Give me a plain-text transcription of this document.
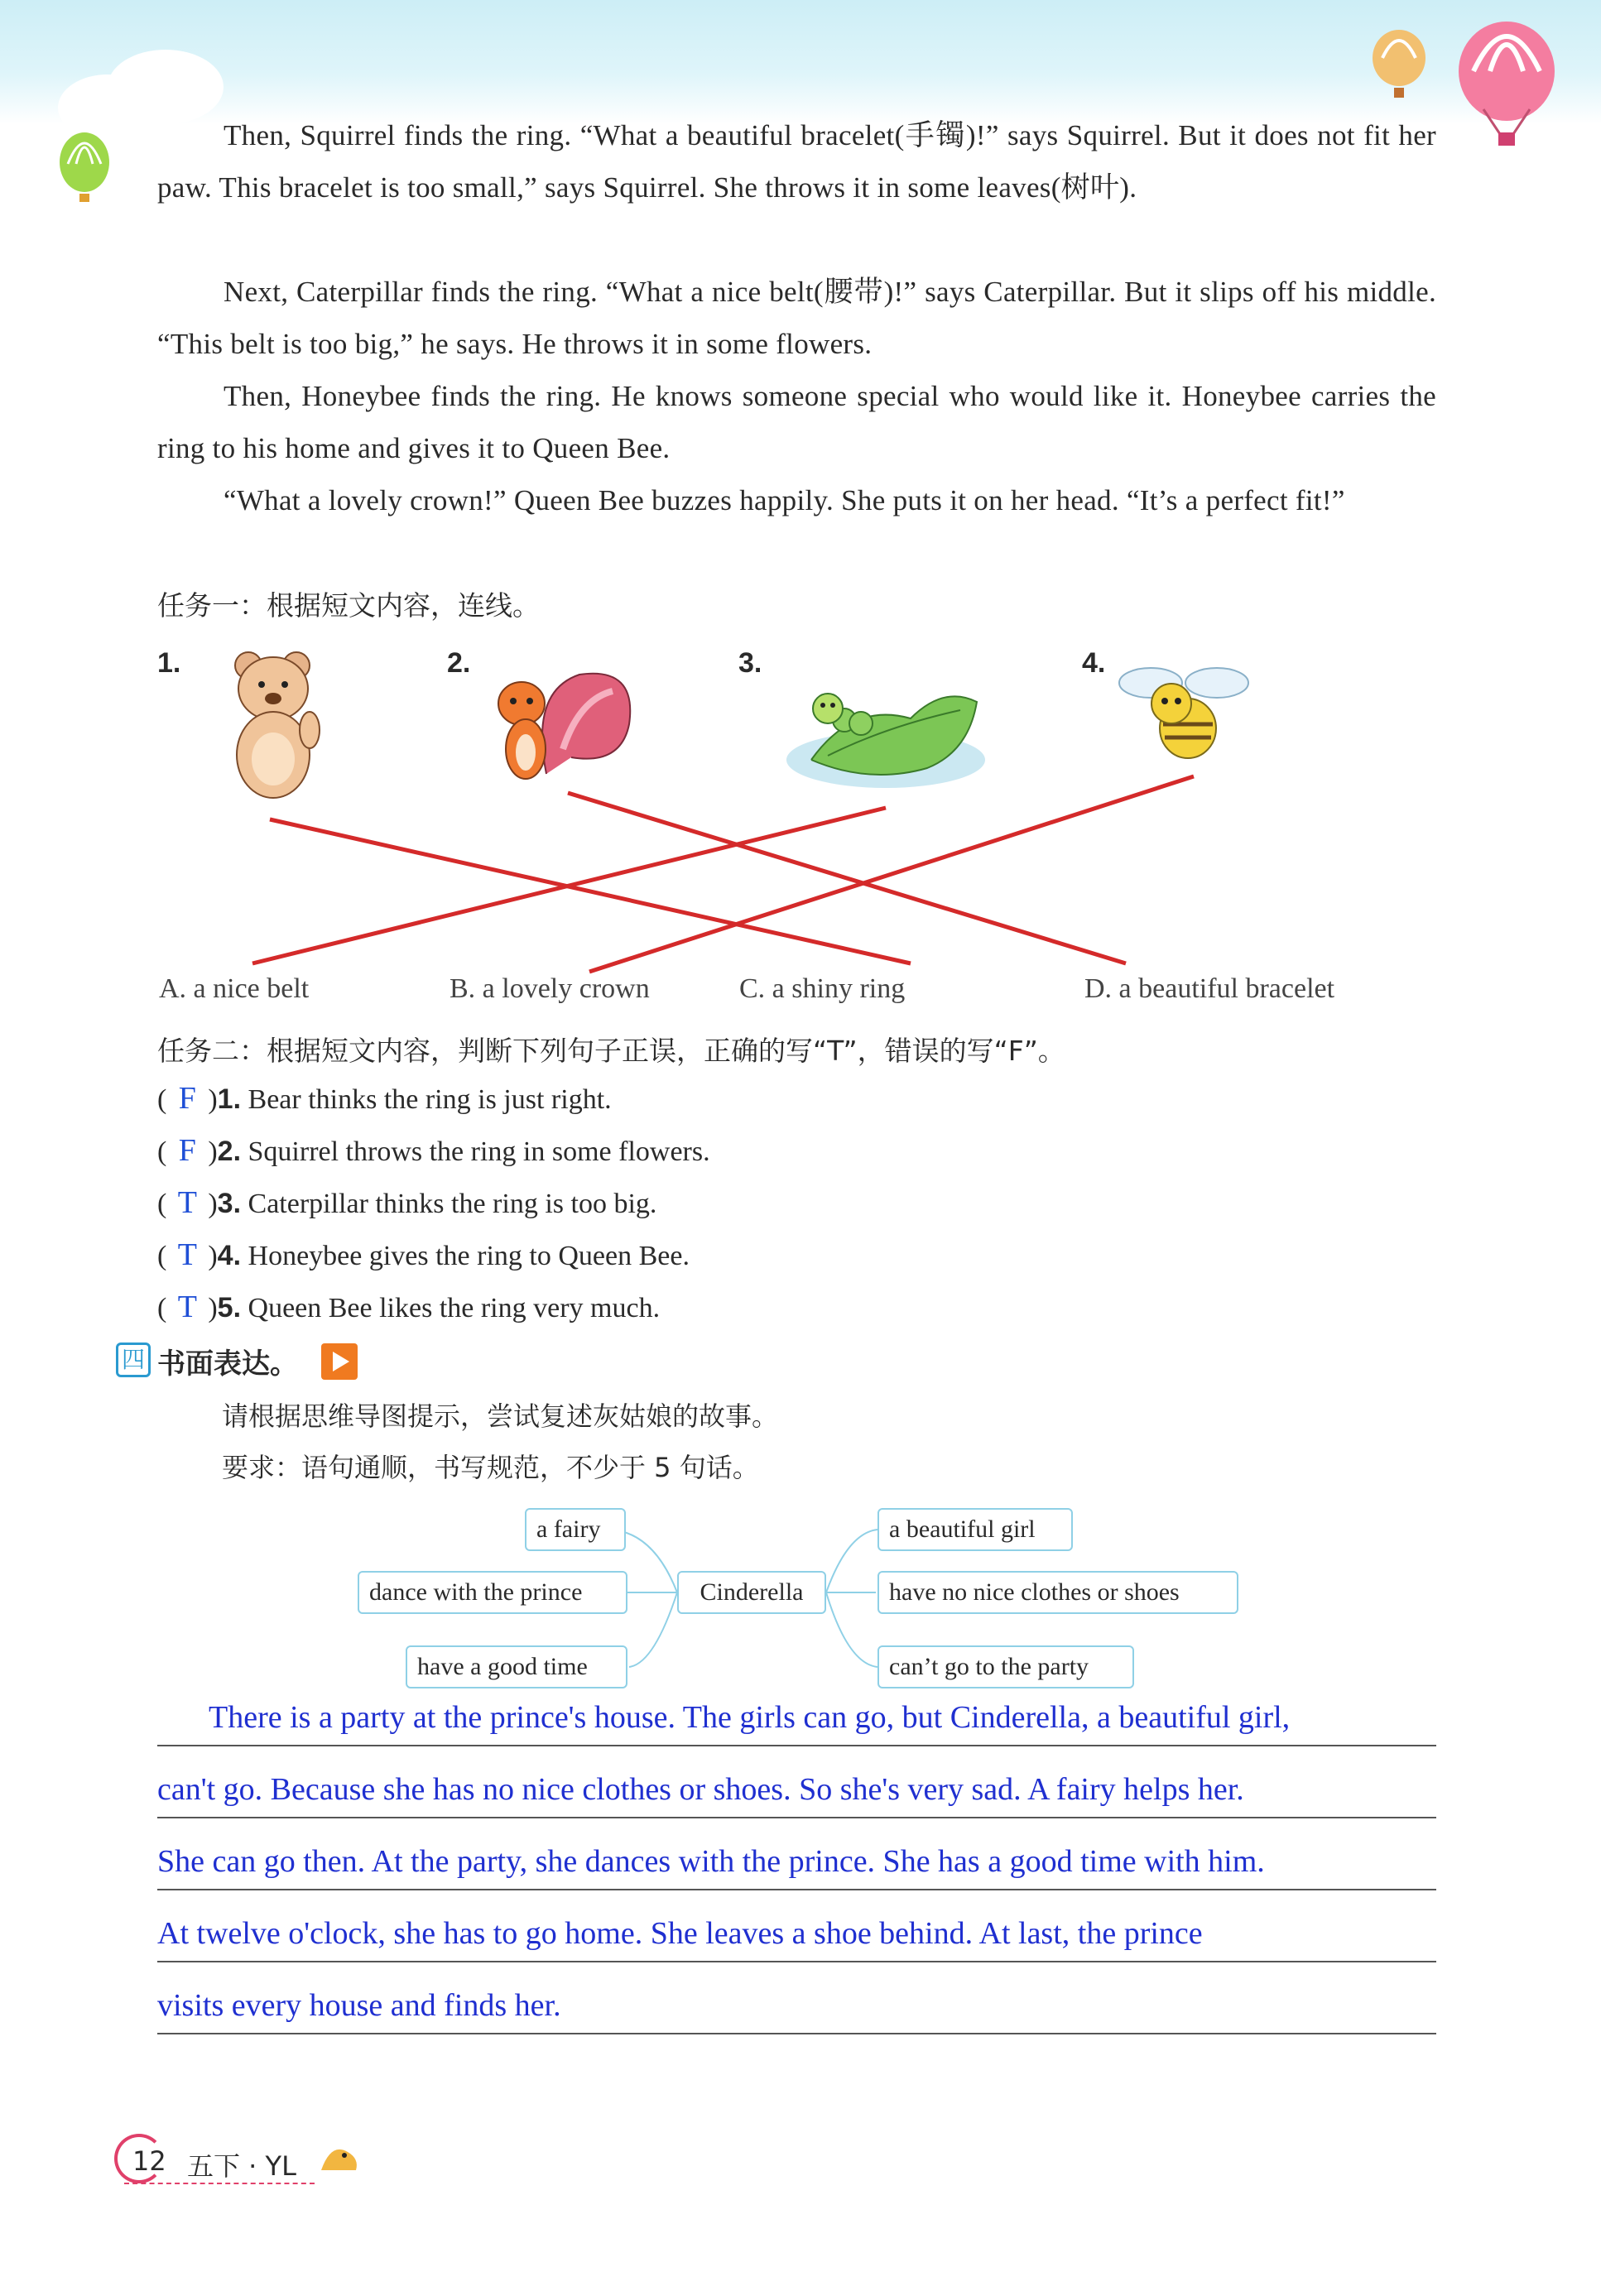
Then, Squirrel finds the ring. “What a beautiful bracelet(手镯)!” says Squirrel. But it does not fit her paw. This bracelet is too small,” says Squirrel. She throws it in some leaves(树叶).

Next, Caterpillar finds the ring. “What a nice belt(腰带)!” says Caterpillar. But it slips off his middle. “This belt is too big,” he says. He throws it in some flowers.

Then, Honeybee finds the ring. He knows someone special who would like it. Honeybee carries the ring to his home and gives it to Queen Bee.

“What a lovely crown!” Queen Bee buzzes happily. She puts it on her head. “It’s a perfect fit!”

任务一：根据短文内容，连线。
1.	2.	3.	4.
A. a nice belt	B. a lovely crown	C. a shiny ring	D. a beautiful bracelet
任务二：根据短文内容，判断下列句子正误，正确的写“T”，错误的写“F”。
( F )1. Bear thinks the ring is just right.
( F )2. Squirrel throws the ring in some flowers.
( T )3. Caterpillar thinks the ring is too big.
( T )4. Honeybee gives the ring to Queen Bee.
( T )5. Queen Bee likes the ring very much.
四 书面表达。
请根据思维导图提示，尝试复述灰姑娘的故事。
要求：语句通顺，书写规范，不少于 5 句话。
Cinderella
a fairy
dance with the prince
have a good time
a beautiful girl
have no nice clothes or shoes
can’t go to the party
There is a party at the prince's house. The girls can go, but Cinderella, a beautiful girl,
can't go. Because she has no nice clothes or shoes. So she's very sad. A fairy helps her.
She can go then. At the party, she dances with the prince. She has a good time with him.
At twelve o'clock, she has to go home. She leaves a shoe behind. At last, the prince
visits every house and finds her.
12 五下 · YL
